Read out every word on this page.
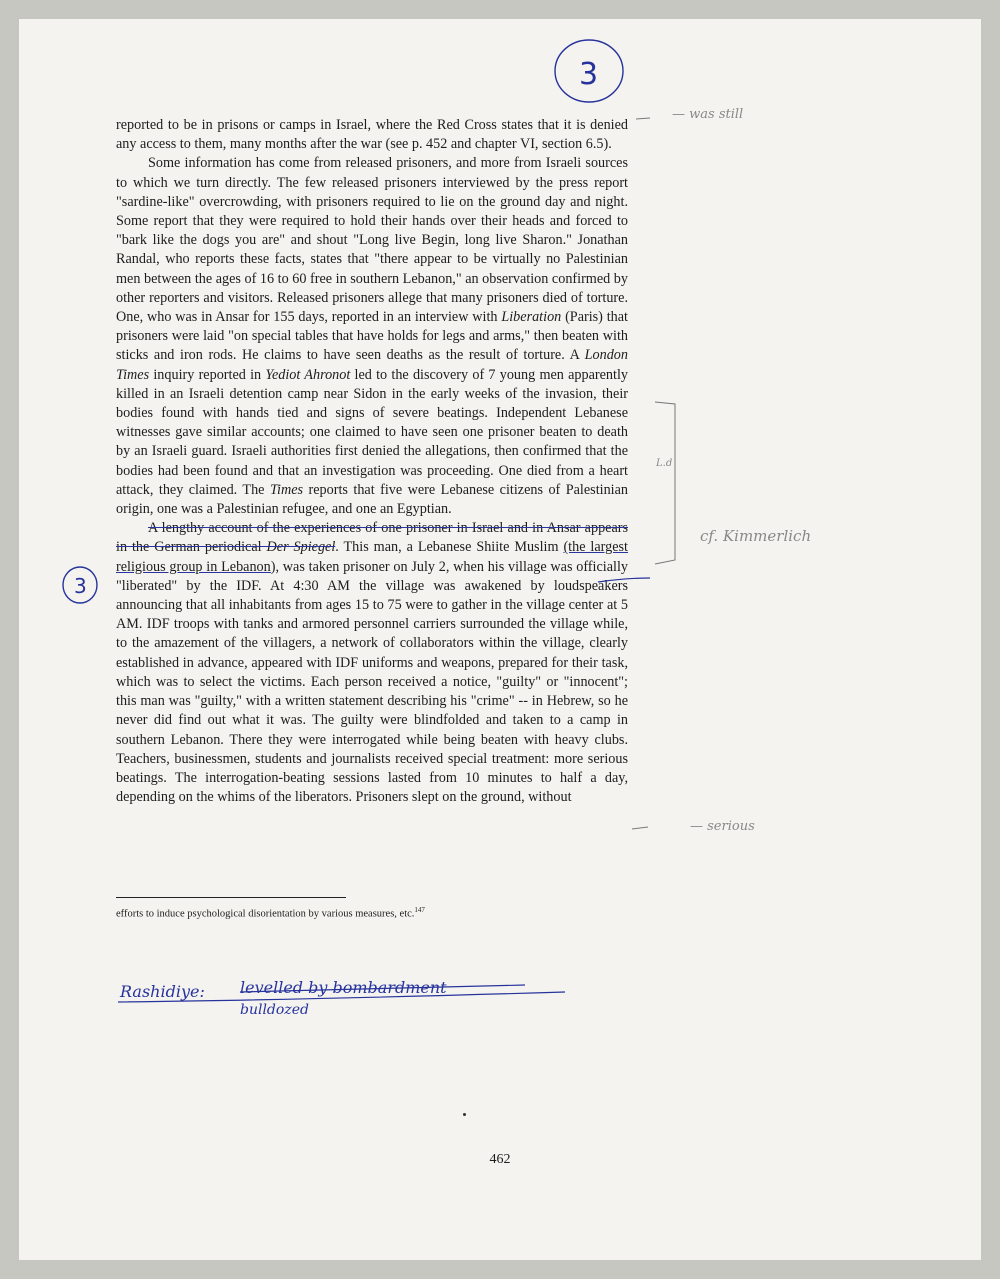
reported to be in prisons or camps in Israel, where the Red Cross states that it is denied any access to them, many months after the war (see p. 452 and chapter VI, section 6.5).

Some information has come from released prisoners, and more from Israeli sources to which we turn directly. The few released prisoners interviewed by the press report "sardine-like" overcrowding, with prisoners required to lie on the ground day and night. Some report that they were required to hold their hands over their heads and forced to "bark like the dogs you are" and shout "Long live Begin, long live Sharon." Jonathan Randal, who reports these facts, states that "there appear to be virtually no Palestinian men between the ages of 16 to 60 free in southern Lebanon," an observation confirmed by other reporters and visitors. Released prisoners allege that many prisoners died of torture. One, who was in Ansar for 155 days, reported in an interview with Liberation (Paris) that prisoners were laid "on special tables that have holds for legs and arms," then beaten with sticks and iron rods. He claims to have seen deaths as the result of torture. A London Times inquiry reported in Yediot Ahronot led to the discovery of 7 young men apparently killed in an Israeli detention camp near Sidon in the early weeks of the invasion, their bodies found with hands tied and signs of severe beatings. Independent Lebanese witnesses gave similar accounts; one claimed to have seen one prisoner beaten to death by an Israeli guard. Israeli authorities first denied the allegations, then confirmed that the bodies had been found and that an investigation was proceeding. One died from a heart attack, they claimed. The Times reports that five were Lebanese citizens of Palestinian origin, one was a Palestinian refugee, and one an Egyptian.

A lengthy account of the experiences of one prisoner in Israel and in Ansar appears in the German periodical Der Spiegel. This man, a Lebanese Shiite Muslim (the largest religious group in Lebanon), was taken prisoner on July 2, when his village was officially "liberated" by the IDF. At 4:30 AM the village was awakened by loudspeakers announcing that all inhabitants from ages 15 to 75 were to gather in the village center at 5 AM. IDF troops with tanks and armored personnel carriers surrounded the village while, to the amazement of the villagers, a network of collaborators within the village, clearly established in advance, appeared with IDF uniforms and weapons, prepared for their task, which was to select the victims. Each person received a notice, "guilty" or "innocent"; this man was "guilty," with a written statement describing his "crime" -- in Hebrew, so he never did find out what it was. The guilty were blindfolded and taken to a camp in southern Lebanon. There they were interrogated while being beaten with heavy clubs. Teachers, businessmen, students and journalists received special treatment: more serious beatings. The interrogation-beating sessions lasted from 10 minutes to half a day, depending on the whims of the liberators. Prisoners slept on the ground, without

efforts to induce psychological disorientation by various measures, etc.$^{147}$
462
3
3
— was still
L.d
cf. Kimmerlich
— serious
Rashidiye: levelled by bombardment
bulldozed
